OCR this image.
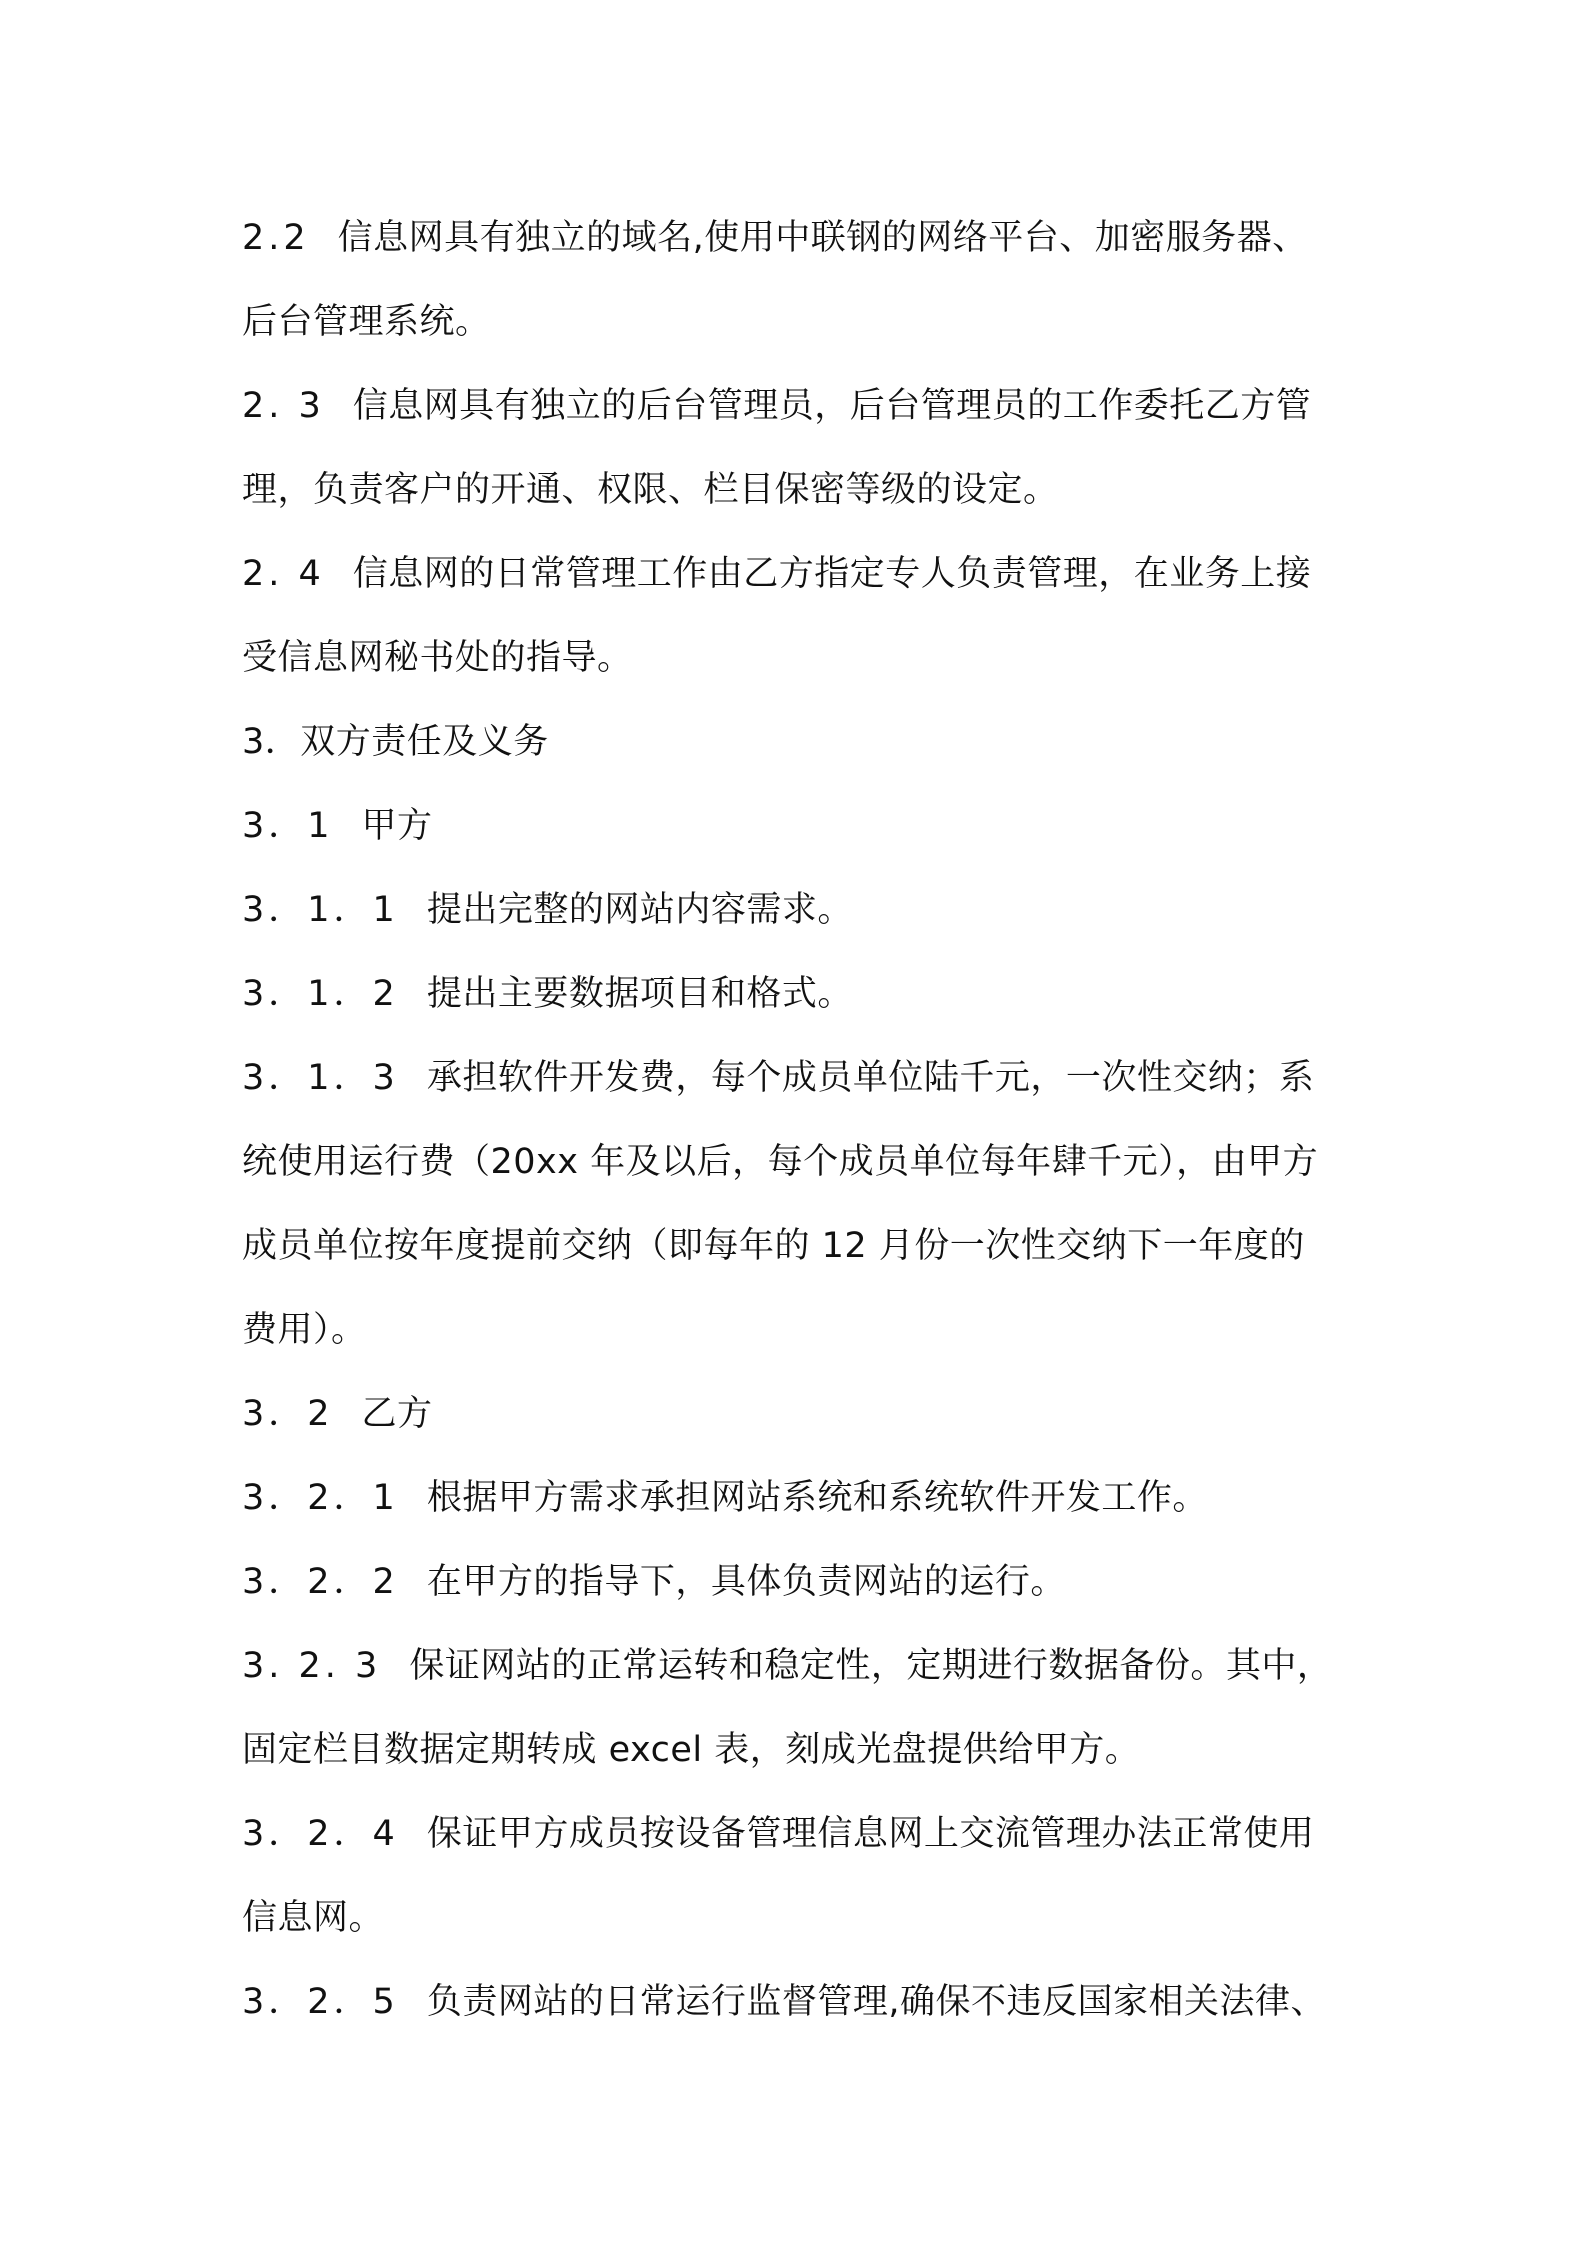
2.2 信息网具有独立的域名,使用中联钢的网络平台、加密服务器、
后台管理系统。
2. 3 信息网具有独立的后台管理员，后台管理员的工作委托乙方管
理，负责客户的开通、权限、栏目保密等级的设定。
2. 4 信息网的日常管理工作由乙方指定专人负责管理，在业务上接
受信息网秘书处的指导。
3．双方责任及义务
3．1 甲方
3．1．1 提出完整的网站内容需求。
3．1．2 提出主要数据项目和格式。
3．1．3 承担软件开发费，每个成员单位陆千元，一次性交纳；系
统使用运行费（20xx 年及以后，每个成员单位每年肆千元），由甲方
成员单位按年度提前交纳（即每年的 12 月份一次性交纳下一年度的
费用）。
3．2 乙方
3．2．1 根据甲方需求承担网站系统和系统软件开发工作。
3．2．2 在甲方的指导下，具体负责网站的运行。
3. 2. 3 保证网站的正常运转和稳定性，定期进行数据备份。其中，
固定栏目数据定期转成 excel 表，刻成光盘提供给甲方。
3．2．4 保证甲方成员按设备管理信息网上交流管理办法正常使用
信息网。
3．2．5 负责网站的日常运行监督管理,确保不违反国家相关法律、
